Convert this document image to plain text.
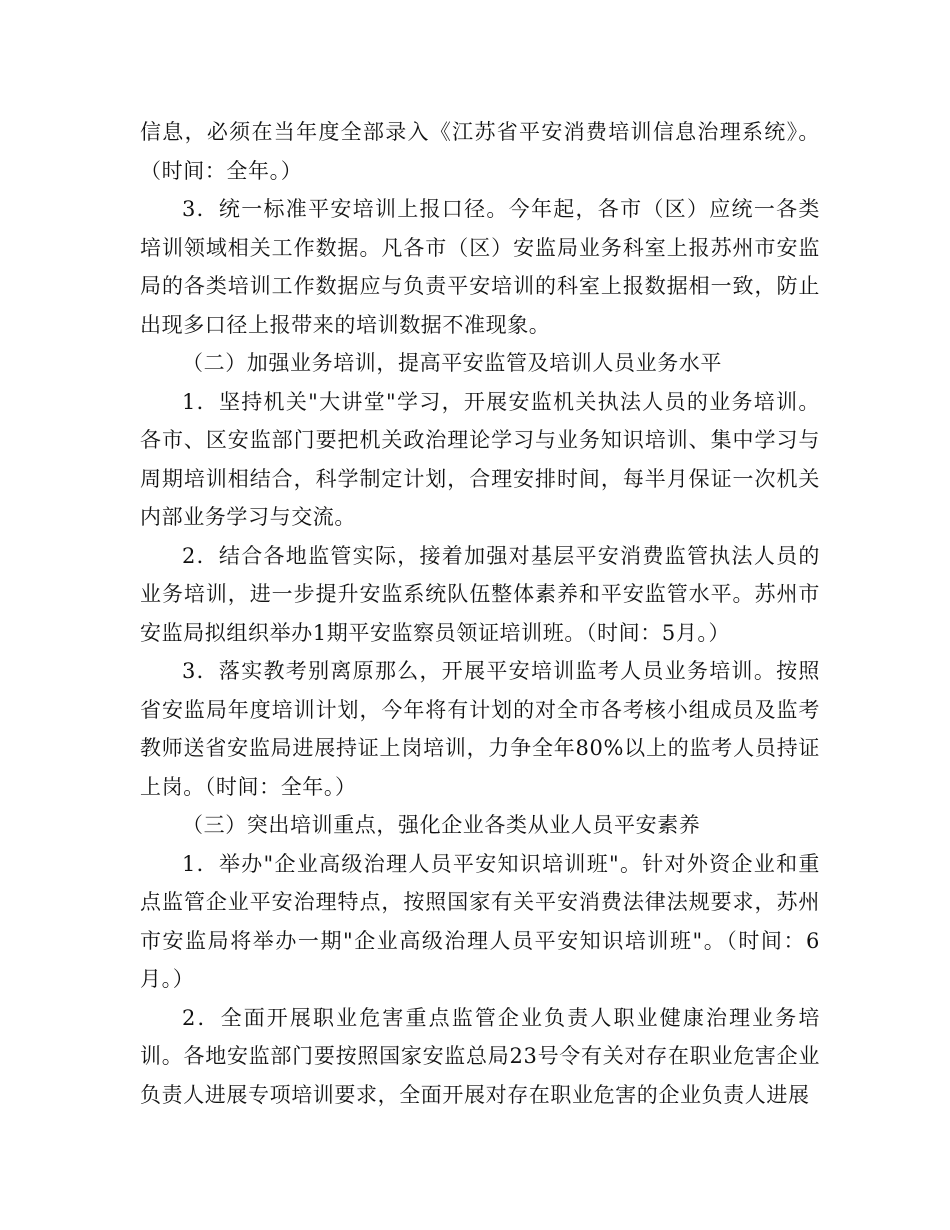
信息，必须在当年度全部录入《江苏省平安消费培训信息治理系统》。（时间：全年。）

3．统一标准平安培训上报口径。今年起，各市（区）应统一各类培训领域相关工作数据。凡各市（区）安监局业务科室上报苏州市安监局的各类培训工作数据应与负责平安培训的科室上报数据相一致，防止出现多口径上报带来的培训数据不准现象。

（二）加强业务培训，提高平安监管及培训人员业务水平

1．坚持机关"大讲堂"学习，开展安监机关执法人员的业务培训。各市、区安监部门要把机关政治理论学习与业务知识培训、集中学习与周期培训相结合，科学制定计划，合理安排时间，每半月保证一次机关内部业务学习与交流。

2．结合各地监管实际，接着加强对基层平安消费监管执法人员的业务培训，进一步提升安监系统队伍整体素养和平安监管水平。苏州市安监局拟组织举办1期平安监察员领证培训班。（时间：5月。）

3．落实教考别离原那么，开展平安培训监考人员业务培训。按照省安监局年度培训计划，今年将有计划的对全市各考核小组成员及监考教师送省安监局进展持证上岗培训，力争全年80%以上的监考人员持证上岗。（时间：全年。）

（三）突出培训重点，强化企业各类从业人员平安素养

1．举办"企业高级治理人员平安知识培训班"。针对外资企业和重点监管企业平安治理特点，按照国家有关平安消费法律法规要求，苏州市安监局将举办一期"企业高级治理人员平安知识培训班"。（时间：6月。）

2．全面开展职业危害重点监管企业负责人职业健康治理业务培训。各地安监部门要按照国家安监总局23号令有关对存在职业危害企业负责人进展专项培训要求，全面开展对存在职业危害的企业负责人进展
